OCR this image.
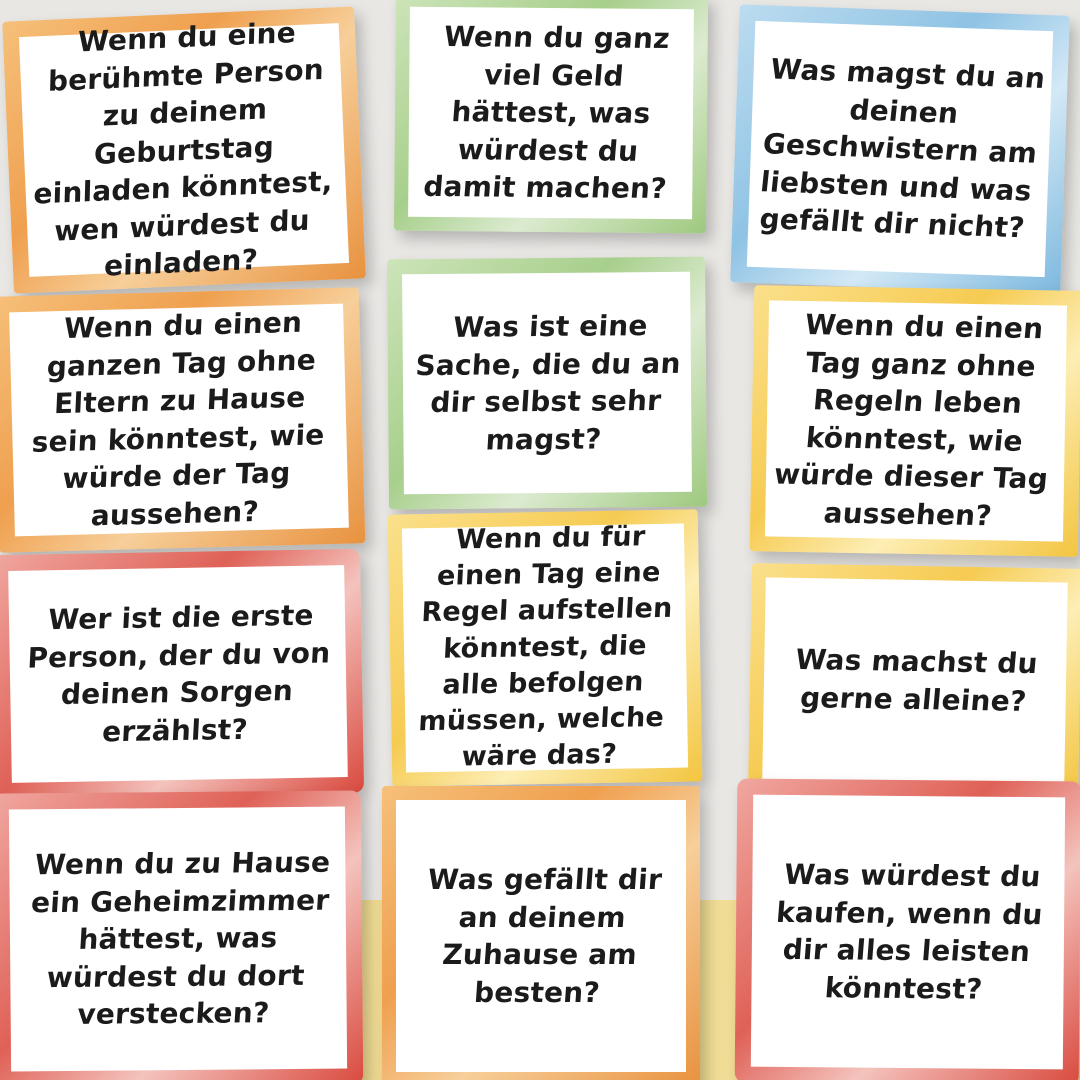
Wenn du eine berühmte Person zu deinem Geburtstag einladen könntest, wen würdest du einladen?
Wenn du ganz viel Geld hättest, was würdest du damit machen?
Was magst du an deinen Geschwistern am liebsten und was gefällt dir nicht?
Wenn du einen ganzen Tag ohne Eltern zu Hause sein könntest, wie würde der Tag aussehen?
Was ist eine Sache, die du an dir selbst sehr magst?
Wenn du einen Tag ganz ohne Regeln leben könntest, wie würde dieser Tag aussehen?
Wer ist die erste Person, der du von deinen Sorgen erzählst?
Wenn du für einen Tag eine Regel aufstellen könntest, die alle befolgen müssen, welche wäre das?
Was machst du gerne alleine?
Wenn du zu Hause ein Geheimzimmer hättest, was würdest du dort verstecken?
Was gefällt dir an deinem Zuhause am besten?
Was würdest du kaufen, wenn du dir alles leisten könntest?
